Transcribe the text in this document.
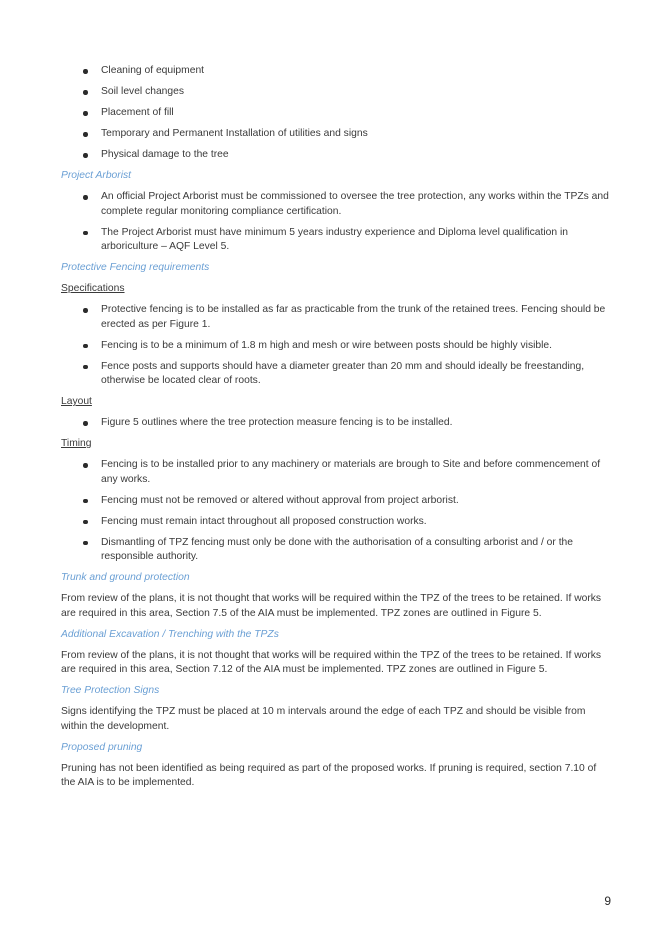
Cleaning of equipment
Soil level changes
Placement of fill
Temporary and Permanent Installation of utilities and signs
Physical damage to the tree
Project Arborist
An official Project Arborist must be commissioned to oversee the tree protection, any works within the TPZs and complete regular monitoring compliance certification.
The Project Arborist must have minimum 5 years industry experience and Diploma level qualification in arboriculture – AQF Level 5.
Protective Fencing requirements
Specifications
Protective fencing is to be installed as far as practicable from the trunk of the retained trees. Fencing should be erected as per Figure 1.
Fencing is to be a minimum of 1.8 m high and mesh or wire between posts should be highly visible.
Fence posts and supports should have a diameter greater than 20 mm and should ideally be freestanding, otherwise be located clear of roots.
Layout
Figure 5 outlines where the tree protection measure fencing is to be installed.
Timing
Fencing is to be installed prior to any machinery or materials are brough to Site and before commencement of any works.
Fencing must not be removed or altered without approval from project arborist.
Fencing must remain intact throughout all proposed construction works.
Dismantling of TPZ fencing must only be done with the authorisation of a consulting arborist and / or the responsible authority.
Trunk and ground protection

From review of the plans, it is not thought that works will be required within the TPZ of the trees to be retained. If works are required in this area, Section 7.5 of the AIA must be implemented. TPZ zones are outlined in Figure 5.

Additional Excavation / Trenching with the TPZs

From review of the plans, it is not thought that works will be required within the TPZ of the trees to be retained. If works are required in this area, Section 7.12 of the AIA must be implemented. TPZ zones are outlined in Figure 5.

Tree Protection Signs

Signs identifying the TPZ must be placed at 10 m intervals around the edge of each TPZ and should be visible from within the development.

Proposed pruning

Pruning has not been identified as being required as part of the proposed works. If pruning is required, section 7.10 of the AIA is to be implemented.

9
